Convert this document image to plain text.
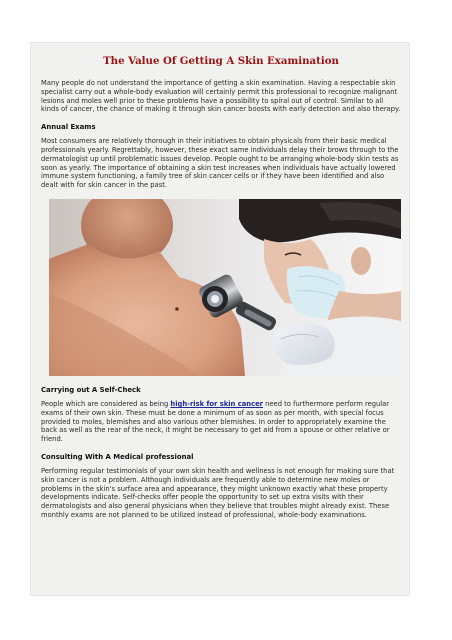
The Value Of Getting A Skin Examination

Many people do not understand the importance of getting a skin examination. Having a respectable skin specialist carry out a whole-body evaluation will certainly permit this professional to recognize malignant lesions and moles well prior to these problems have a possibility to spiral out of control. Similar to all kinds of cancer, the chance of making it through skin cancer boosts with early detection and also therapy.

Annual Exams

Most consumers are relatively thorough in their initiatives to obtain physicals from their basic medical professionals yearly. Regrettably, however, these exact same individuals delay their brows through to the dermatologist up until problematic issues develop. People ought to be arranging whole-body skin tests as soon as yearly. The importance of obtaining a skin test increases when individuals have actually lowered immune system functioning, a family tree of skin cancer cells or if they have been identified and also dealt with for skin cancer in the past.

Carrying out A Self-Check

People which are considered as being high-risk for skin cancer need to furthermore perform regular exams of their own skin. These must be done a minimum of as soon as per month, with special focus provided to moles, blemishes and also various other blemishes. In order to appropriately examine the back as well as the rear of the neck, it might be necessary to get aid from a spouse or other relative or friend.

Consulting With A Medical professional

Performing regular testimonials of your own skin health and wellness is not enough for making sure that skin cancer is not a problem. Although individuals are frequently able to determine new moles or problems in the skin's surface area and appearance, they might unknown exactly what these property developments indicate. Self-checks offer people the opportunity to set up extra visits with their dermatologists and also general physicians when they believe that troubles might already exist. These monthly exams are not planned to be utilized instead of professional, whole-body examinations.
